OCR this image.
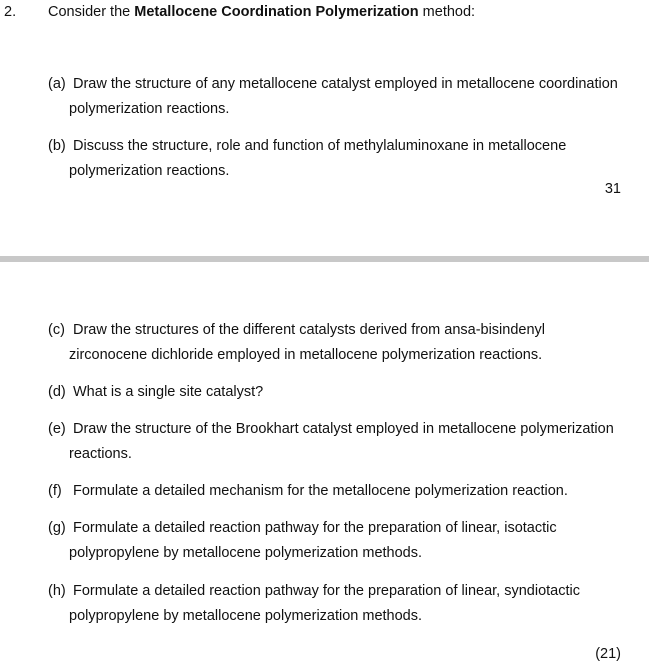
2. Consider the Metallocene Coordination Polymerization method:
(a) Draw the structure of any metallocene catalyst employed in metallocene coordination
polymerization reactions.
(b) Discuss the structure, role and function of methylaluminoxane in metallocene
polymerization reactions.
31
(c) Draw the structures of the different catalysts derived from ansa-bisindenyl
zirconocene dichloride employed in metallocene polymerization reactions.
(d) What is a single site catalyst?
(e) Draw the structure of the Brookhart catalyst employed in metallocene polymerization
reactions.
(f) Formulate a detailed mechanism for the metallocene polymerization reaction.
(g) Formulate a detailed reaction pathway for the preparation of linear, isotactic
polypropylene by metallocene polymerization methods.
(h) Formulate a detailed reaction pathway for the preparation of linear, syndiotactic
polypropylene by metallocene polymerization methods.
(21)
